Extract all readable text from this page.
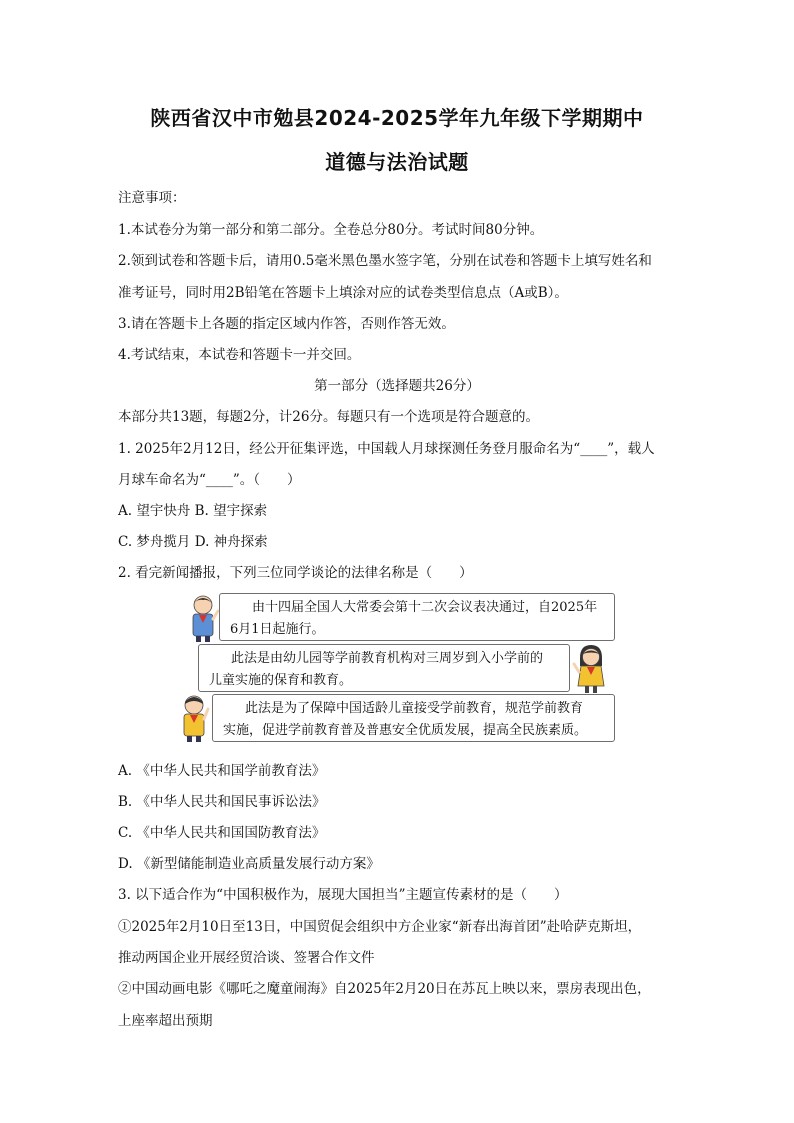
陕西省汉中市勉县2024-2025学年九年级下学期期中
道德与法治试题
注意事项：
1.本试卷分为第一部分和第二部分。全卷总分80分。考试时间80分钟。
2.领到试卷和答题卡后，请用0.5毫米黑色墨水签字笔，分别在试卷和答题卡上填写姓名和
准考证号，同时用2B铅笔在答题卡上填涂对应的试卷类型信息点（A或B）。
3.请在答题卡上各题的指定区域内作答，否则作答无效。
4.考试结束，本试卷和答题卡一并交回。
第一部分（选择题共26分）
本部分共13题，每题2分，计26分。每题只有一个选项是符合题意的。
1. 2025年2月12日，经公开征集评选，中国载人月球探测任务登月服命名为“____”，载人
月球车命名为“____”。（　　）
A. 望宇快舟 B. 望宇探索
C. 梦舟揽月 D. 神舟探索
2. 看完新闻播报，下列三位同学谈论的法律名称是（　　）
由十四届全国人大常委会第十二次会议表决通过，自2025年
6月1日起施行。
此法是由幼儿园等学前教育机构对三周岁到入小学前的
儿童实施的保育和教育。
此法是为了保障中国适龄儿童接受学前教育，规范学前教育
实施，促进学前教育普及普惠安全优质发展，提高全民族素质。
A. 《中华人民共和国学前教育法》
B. 《中华人民共和国民事诉讼法》
C. 《中华人民共和国国防教育法》
D. 《新型储能制造业高质量发展行动方案》
3. 以下适合作为“中国积极作为，展现大国担当”主题宣传素材的是（　　）
①2025年2月10日至13日，中国贸促会组织中方企业家“新春出海首团”赴哈萨克斯坦，
推动两国企业开展经贸洽谈、签署合作文件
②中国动画电影《哪吒之魔童闹海》自2025年2月20日在苏瓦上映以来，票房表现出色，
上座率超出预期
